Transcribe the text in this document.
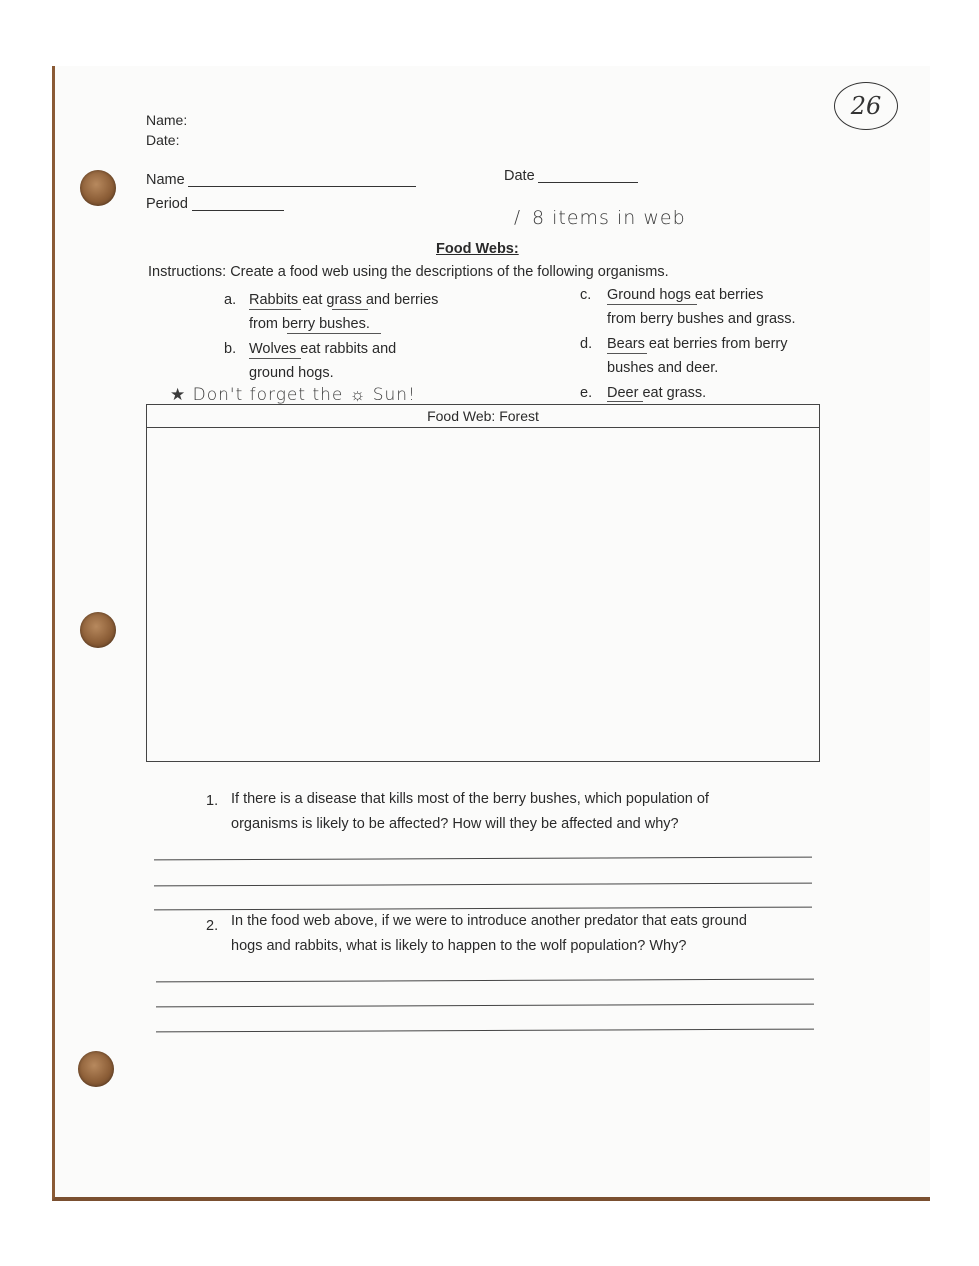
26
Name:
Date:
Name
Period
Date
/ 8 items in web
Food Webs:
Instructions: Create a food web using the descriptions of the following organisms.
a. Rabbits eat grass and berries
from berry bushes.
b. Wolves eat rabbits and
ground hogs.
c. Ground hogs eat berries
from berry bushes and grass.
d. Bears eat berries from berry
bushes and deer.
e. Deer eat grass.
★ Don't forget the ☼ Sun!
Food Web: Forest
1. If there is a disease that kills most of the berry bushes, which population of
organisms is likely to be affected? How will they be affected and why?
2. In the food web above, if we were to introduce another predator that eats ground
hogs and rabbits, what is likely to happen to the wolf population? Why?
